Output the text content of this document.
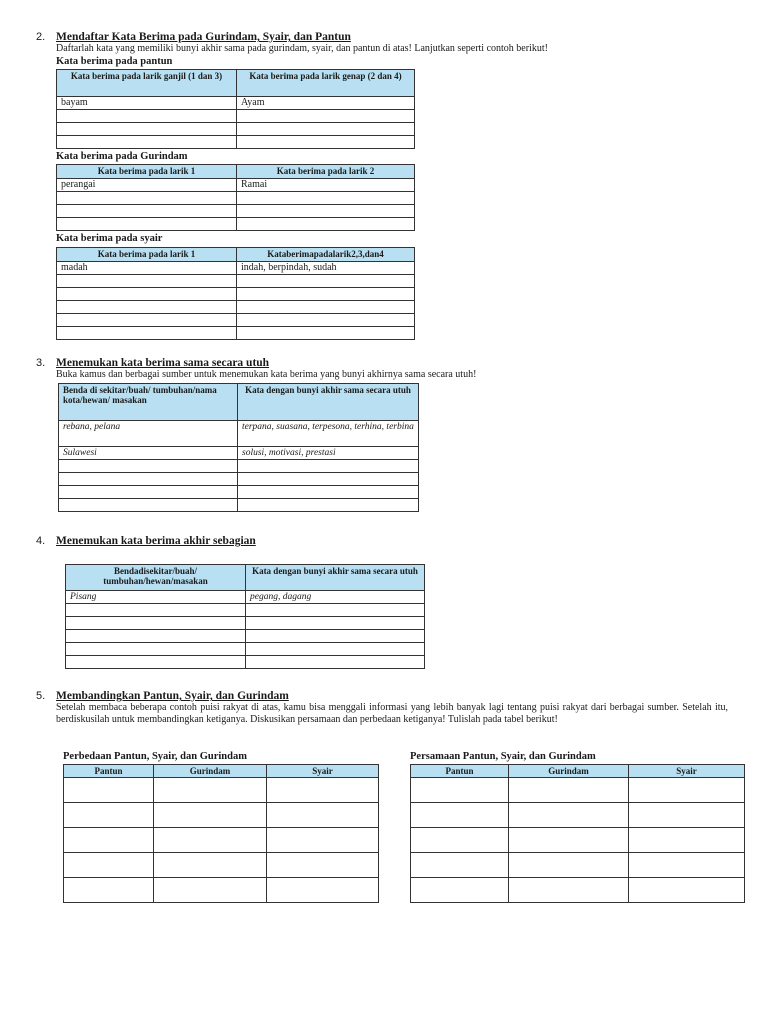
2. Mendaftar Kata Berima pada Gurindam, Syair, dan Pantun
Daftarlah kata yang memiliki bunyi akhir sama pada gurindam, syair, dan pantun di atas! Lanjutkan seperti contoh berikut!
Kata berima pada pantun
Kata berima pada larik ganjil (1 dan 3)	Kata berima pada larik genap (2 dan 4)
bayam	Ayam

Kata berima pada Gurindam
Kata berima pada larik 1	Kata berima pada larik 2
perangai	Ramai

Kata berima pada syair
Kata berima pada larik 1	Kataberimapadalarik2,3,dan4
madah	indah, berpindah, sudah

3. Menemukan kata berima sama secara utuh
Buka kamus dan berbagai sumber untuk menemukan kata berima yang bunyi akhirnya sama secara utuh!
Benda di sekitar/buah/ tumbuhan/nama kota/hewan/ masakan	Kata dengan bunyi akhir sama secara utuh
rebana, pelana	terpana, suasana, terpesona, terhina, terbina
Sulawesi	solusi, motivasi, prestasi

4. Menemukan kata berima akhir sebagian
Bendadisekitar/buah/ tumbuhan/hewan/masakan	Kata dengan bunyi akhir sama secara utuh
Pisang	pegang, dagang

5. Membandingkan Pantun, Syair, dan Gurindam
Setelah membaca beberapa contoh puisi rakyat di atas, kamu bisa menggali informasi yang lebih banyak lagi tentang puisi rakyat dari berbagai sumber. Setelah itu, berdiskusilah untuk membandingkan ketiganya. Diskusikan persamaan dan perbedaan ketiganya! Tulislah pada tabel berikut!
Perbedaan Pantun, Syair, dan Gurindam
Pantun	Gurindam	Syair

Persamaan Pantun, Syair, dan Gurindam
Pantun	Gurindam	Syair
